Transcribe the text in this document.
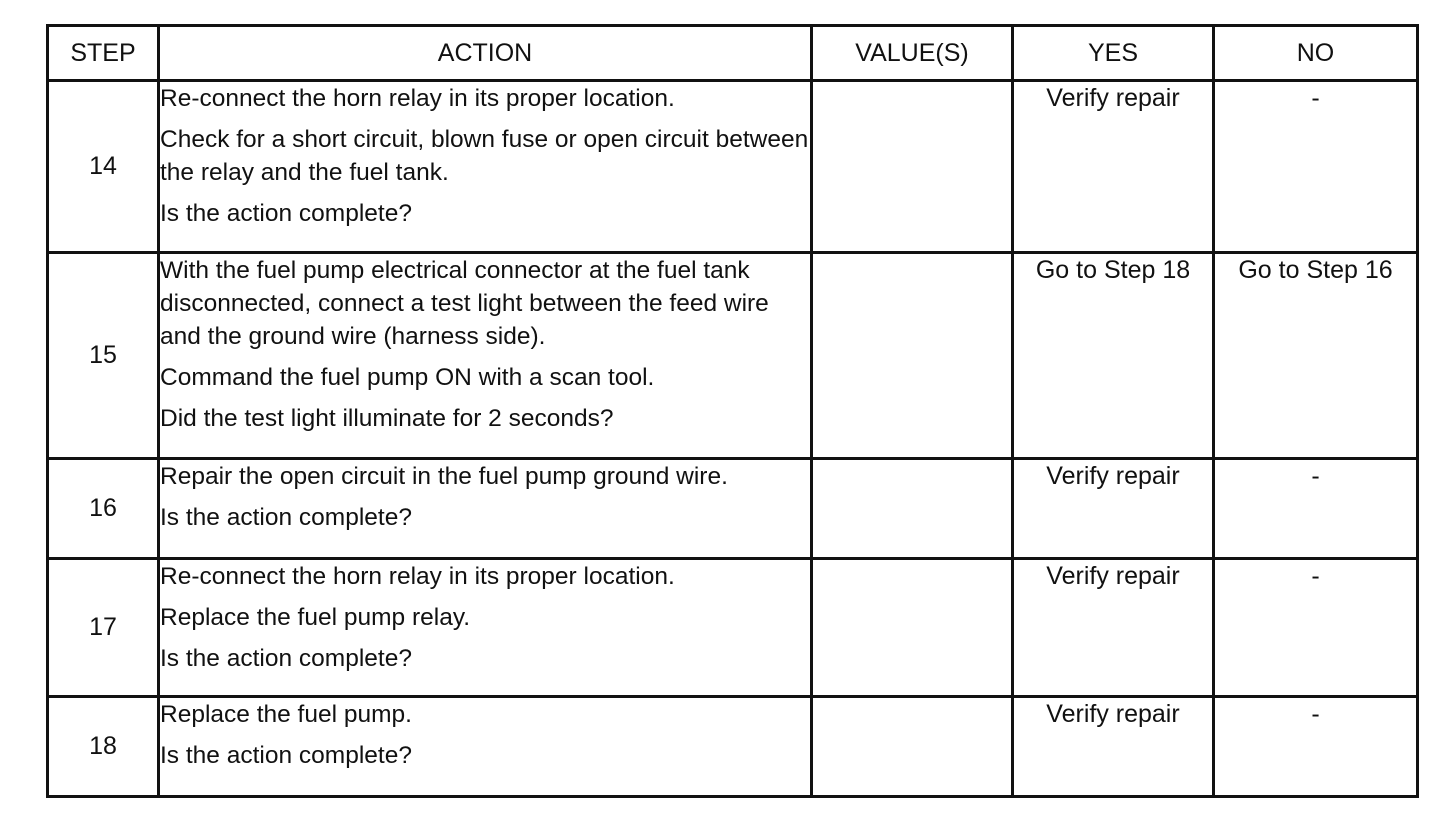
STEP	ACTION	VALUE(S)	YES	NO
14	Re-connect the horn relay in its proper location.
Check for a short circuit, blown fuse or open circuit between the relay and the fuel tank.
Is the action complete?		Verify repair	-
15	With the fuel pump electrical connector at the fuel tank disconnected, connect a test light between the feed wire and the ground wire (harness side).
Command the fuel pump ON with a scan tool.
Did the test light illuminate for 2 seconds?		Go to Step 18	Go to Step 16
16	Repair the open circuit in the fuel pump ground wire.
Is the action complete?		Verify repair	-
17	Re-connect the horn relay in its proper location.
Replace the fuel pump relay.
Is the action complete?		Verify repair	-
18	Replace the fuel pump.
Is the action complete?		Verify repair	-
